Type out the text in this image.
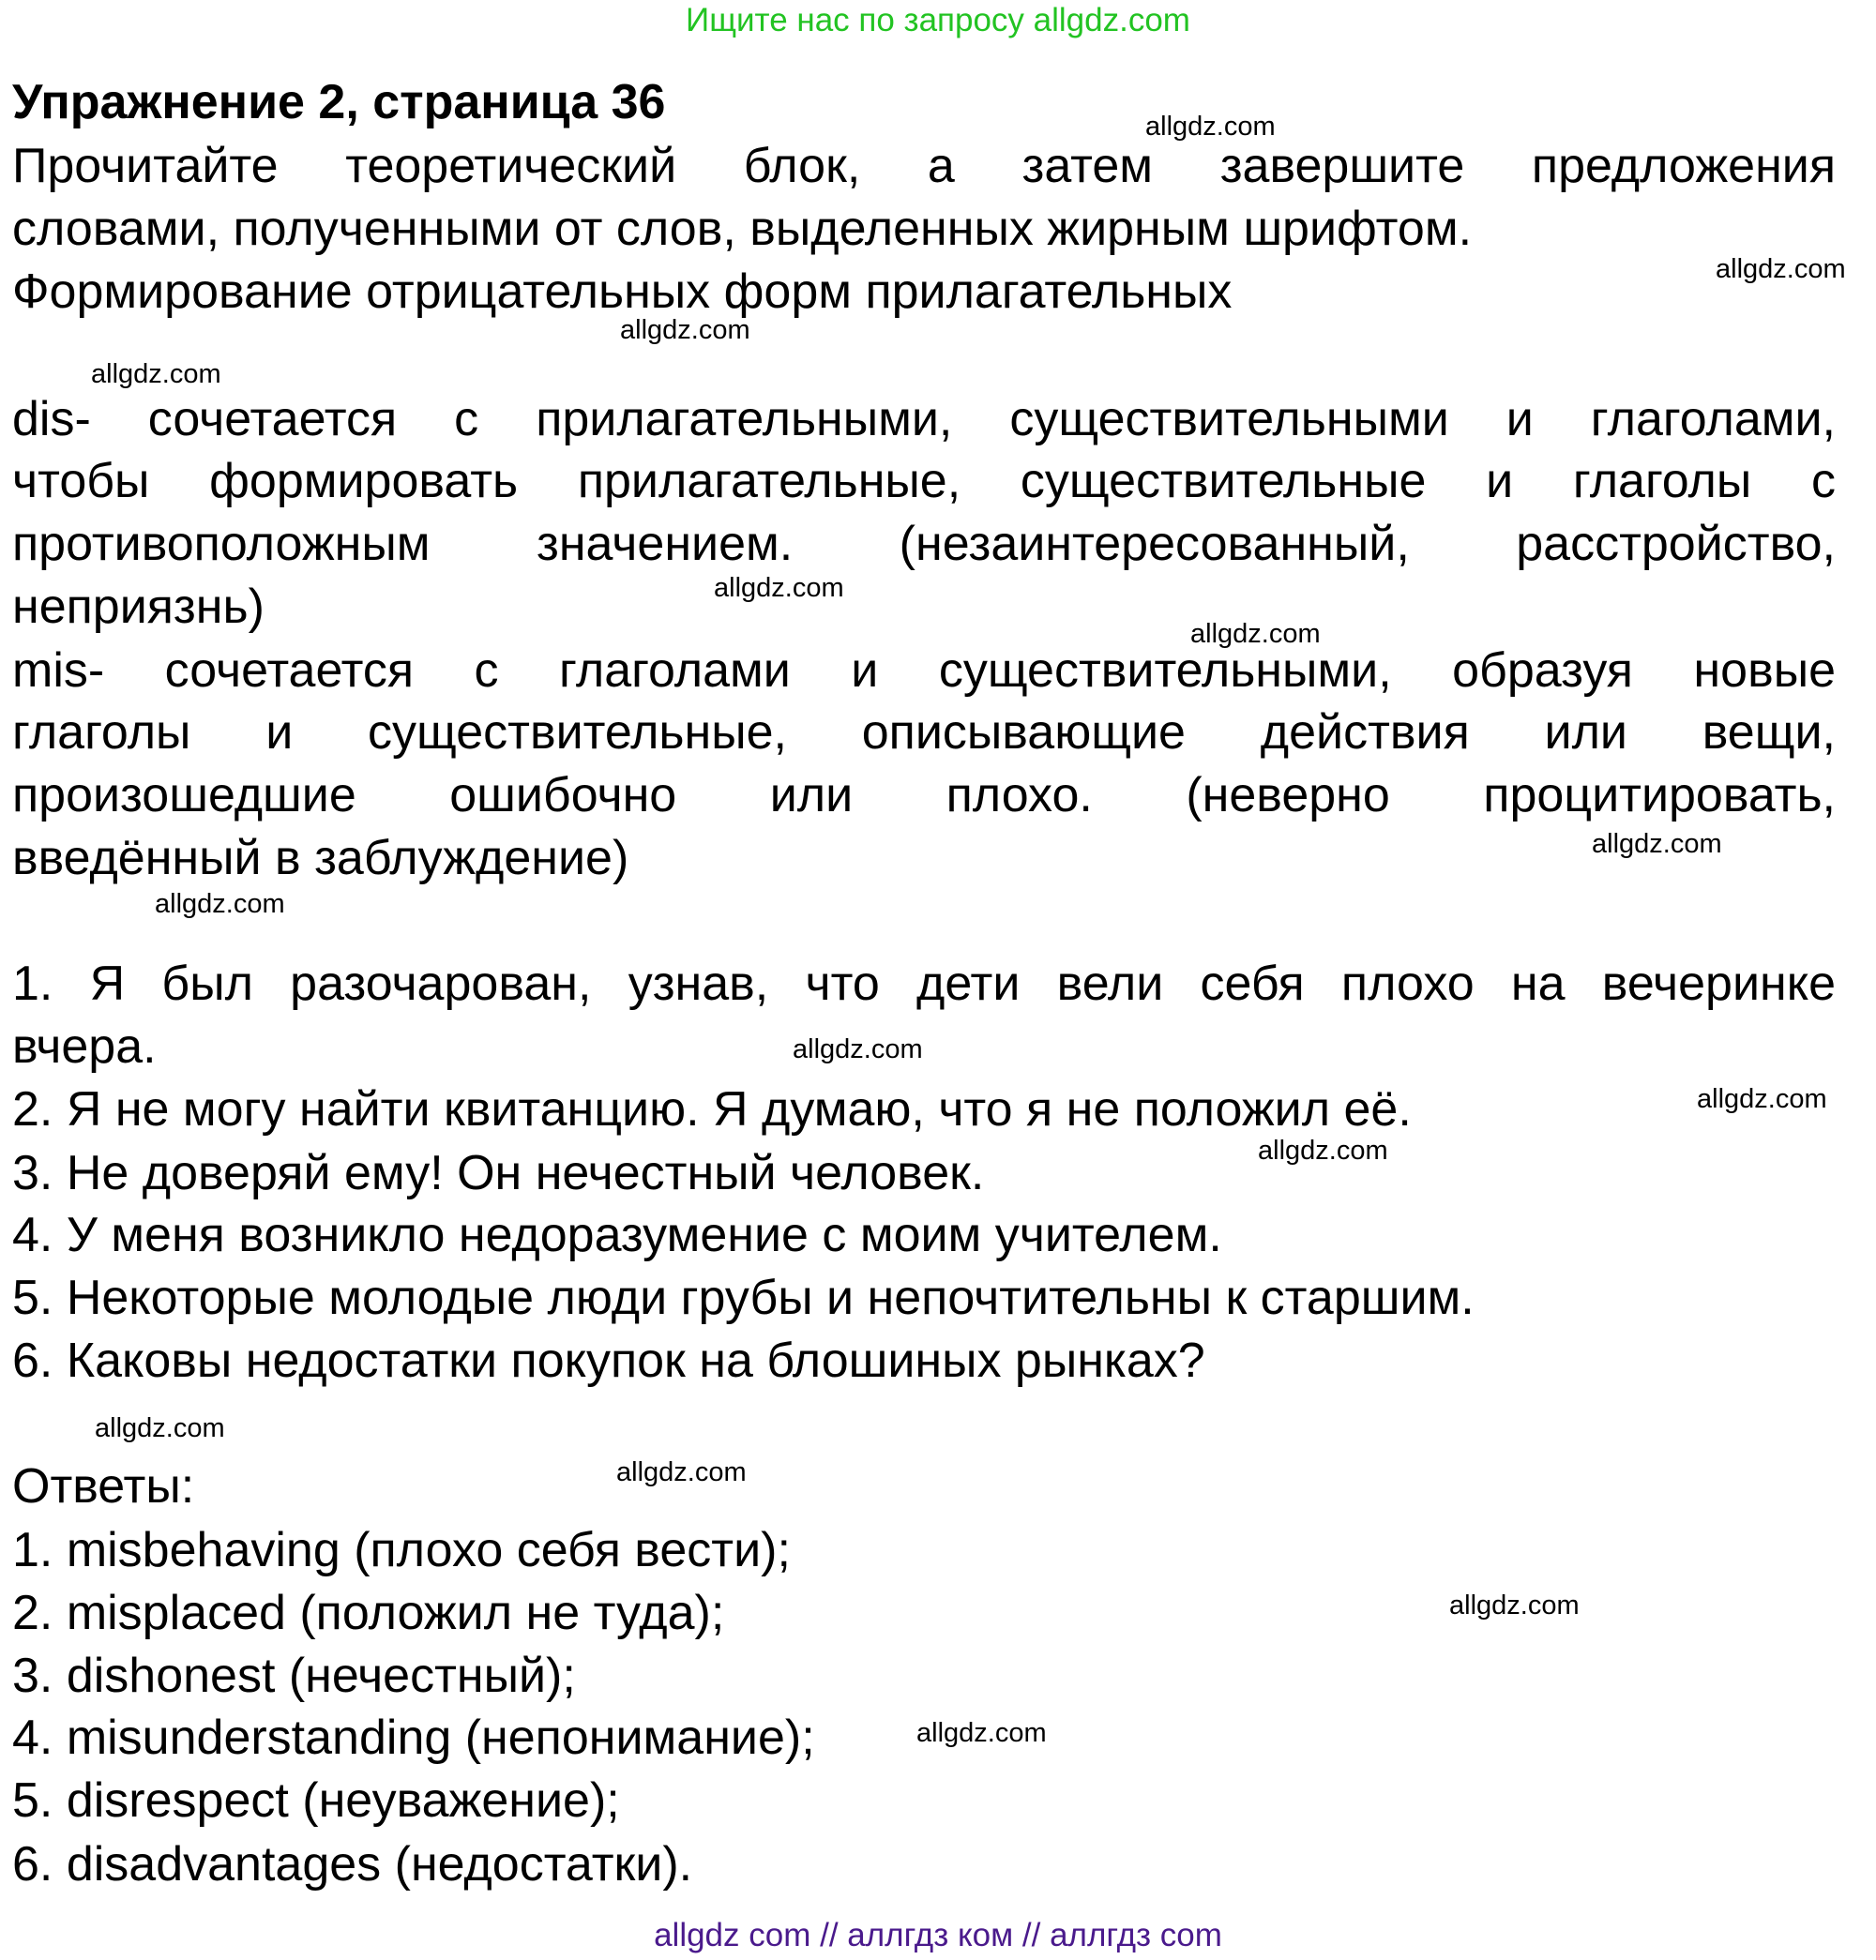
Ищите нас по запросу allgdz.com
Упражнение 2, страница 36
Прочитайте теоретический блок, а затем завершите предложения
словами, полученными от слов, выделенных жирным шрифтом.
Формирование отрицательных форм прилагательных
dis- сочетается с прилагательными, существительными и глаголами,
чтобы формировать прилагательные, существительные и глаголы с
противоположным значением. (незаинтересованный, расстройство,
неприязнь)
mis- сочетается с глаголами и существительными, образуя новые
глаголы и существительные, описывающие действия или вещи,
произошедшие ошибочно или плохо. (неверно процитировать,
введённый в заблуждение)
1. Я был разочарован, узнав, что дети вели себя плохо на вечеринке
вчера.
2. Я не могу найти квитанцию. Я думаю, что я не положил её.
3. Не доверяй ему! Он нечестный человек.
4. У меня возникло недоразумение с моим учителем.
5. Некоторые молодые люди грубы и непочтительны к старшим.
6. Каковы недостатки покупок на блошиных рынках?
Ответы:
1. misbehaving (плохо себя вести);
2. misplaced (положил не туда);
3. dishonest (нечестный);
4. misunderstanding (непонимание);
5. disrespect (неуважение);
6. disadvantages (недостатки).
allgdz.com
allgdz.com
allgdz.com
allgdz.com
allgdz.com
allgdz.com
allgdz.com
allgdz.com
allgdz.com
allgdz.com
allgdz.com
allgdz.com
allgdz.com
allgdz.com
allgdz.com
allgdz com // аллгдз ком // аллгдз com
